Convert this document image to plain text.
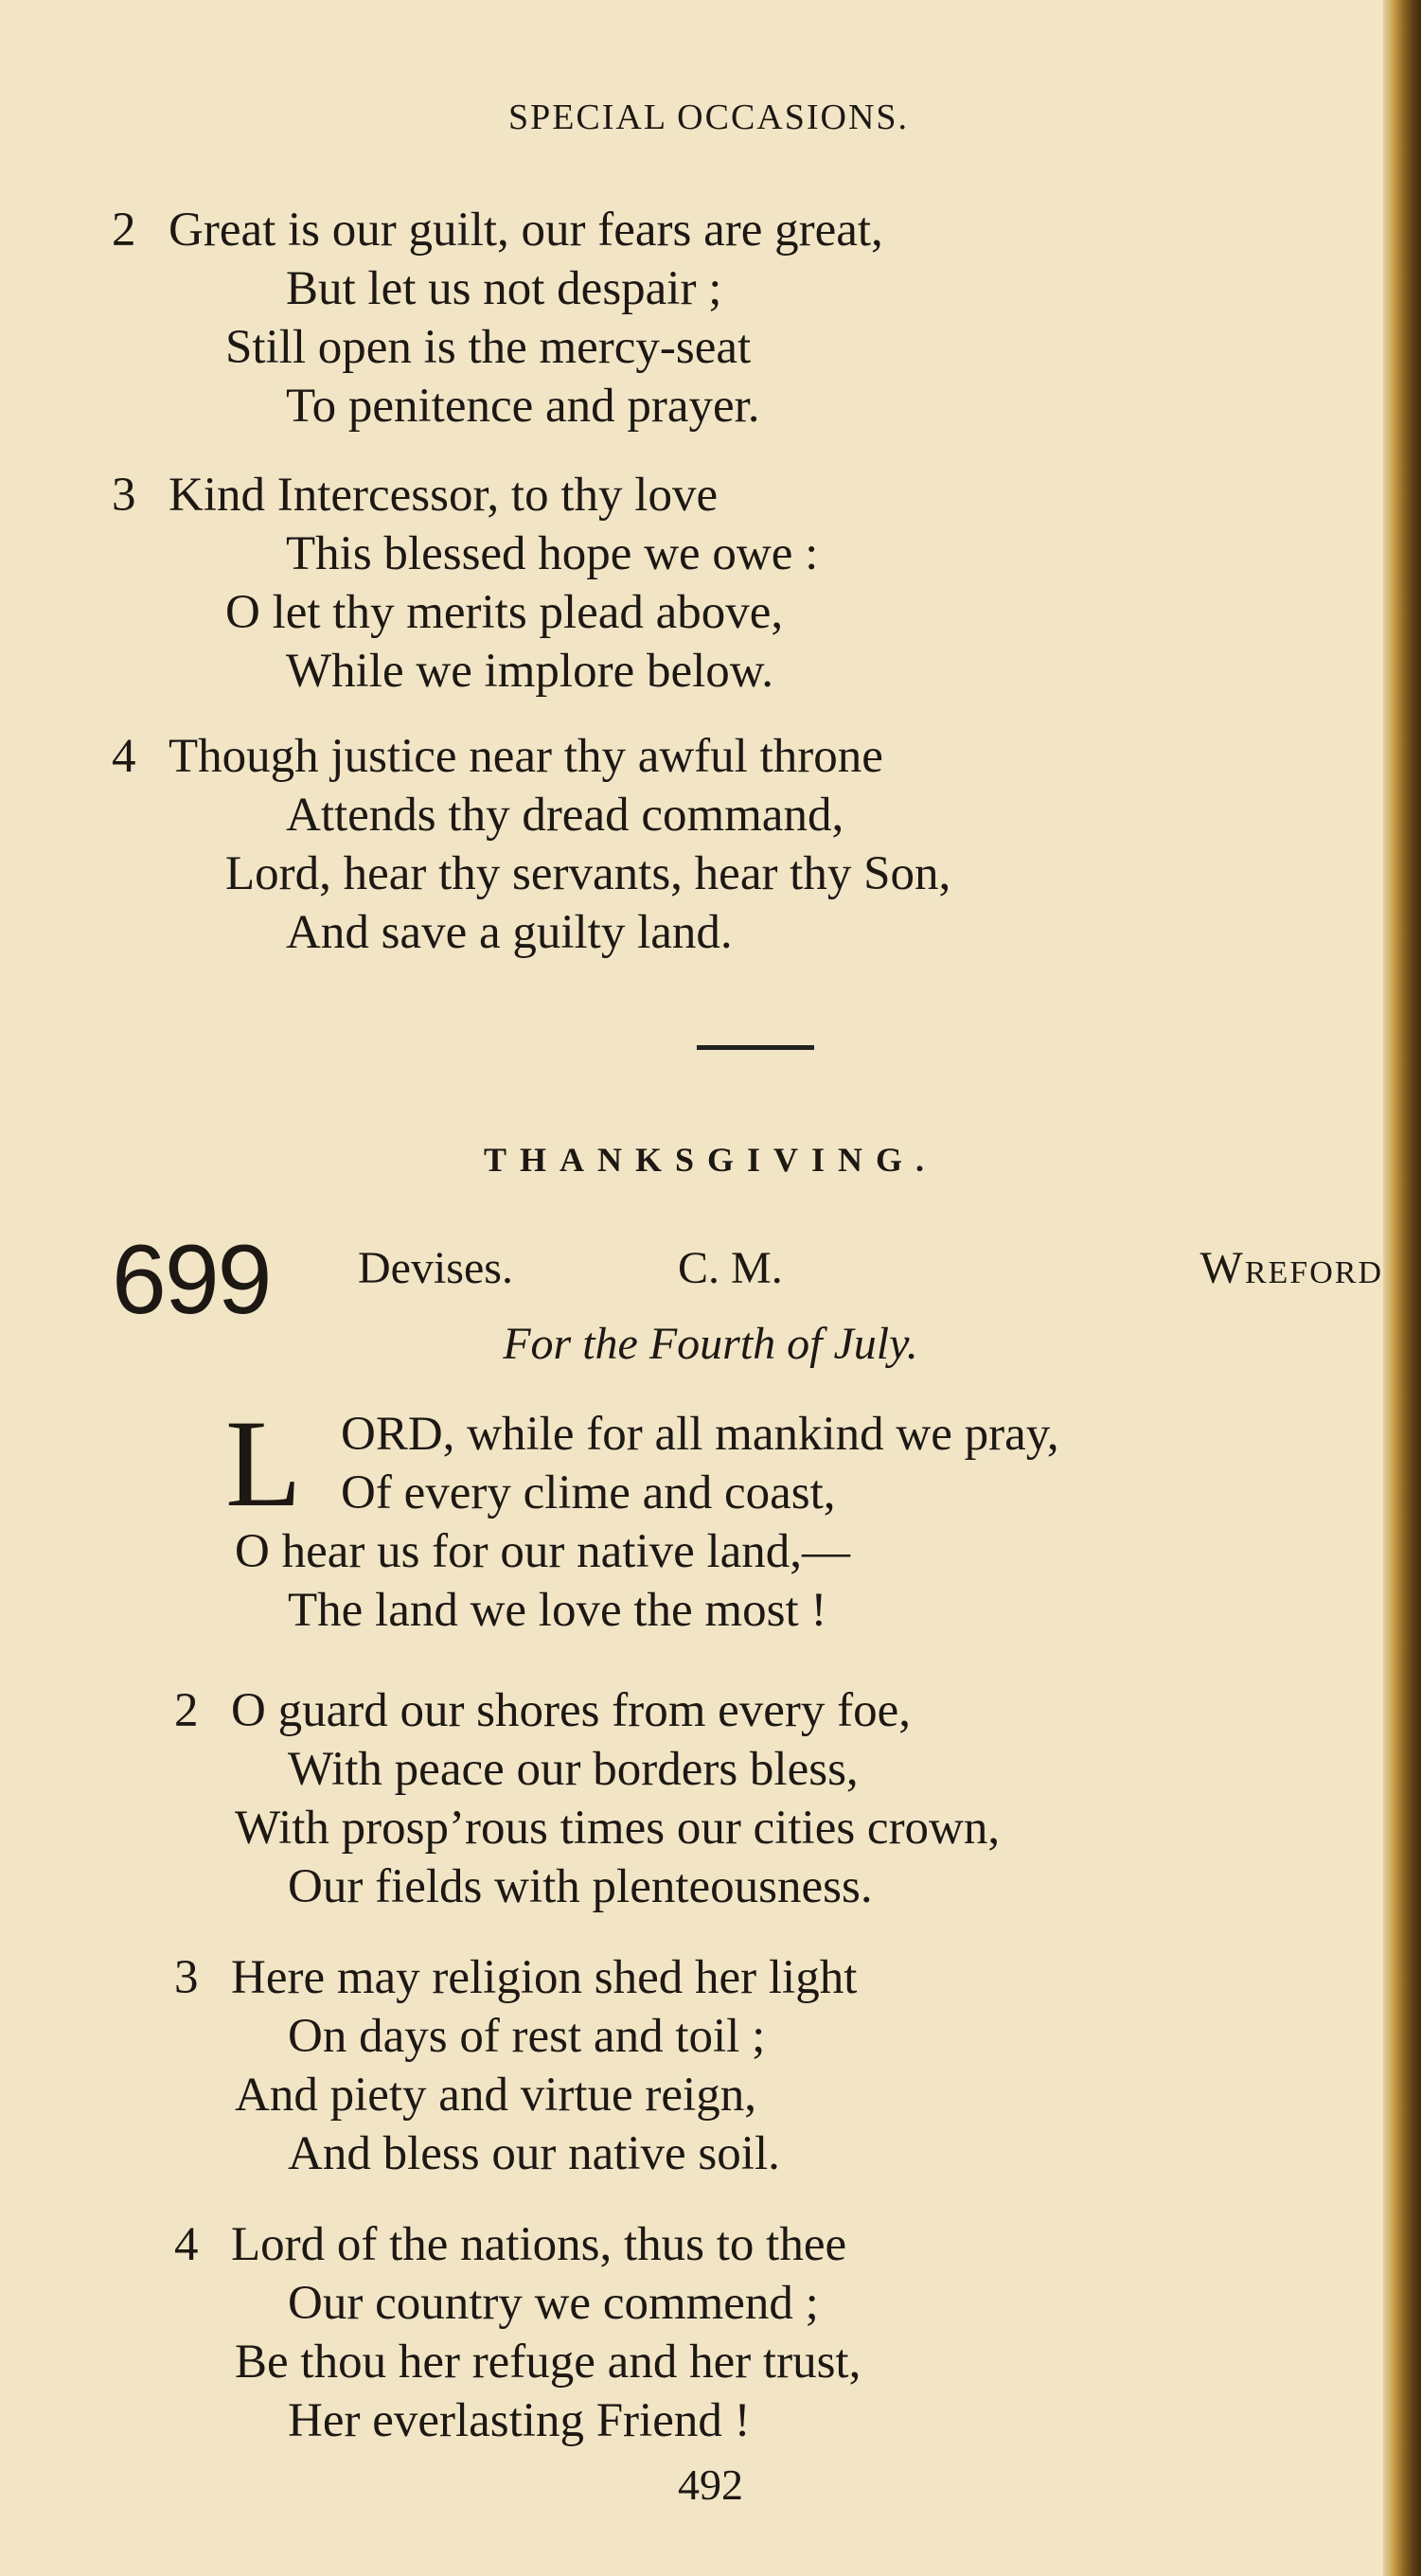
SPECIAL OCCASIONS.
2 Great is our guilt, our fears are great,
But let us not despair ;
Still open is the mercy-seat
To penitence and prayer.
3 Kind Intercessor, to thy love
This blessed hope we owe :
O let thy merits plead above,
While we implore below.
4 Though justice near thy awful throne
Attends thy dread command,
Lord, hear thy servants, hear thy Son,
And save a guilty land.
THANKSGIVING.
699 Devises.	C. M.	Wreford
For the Fourth of July.
L ORD, while for all mankind we pray,
Of every clime and coast,
O hear us for our native land,—
The land we love the most !
2 O guard our shores from every foe,
With peace our borders bless,
With prosp’rous times our cities crown,
Our fields with plenteousness.
3 Here may religion shed her light
On days of rest and toil ;
And piety and virtue reign,
And bless our native soil.
4 Lord of the nations, thus to thee
Our country we commend ;
Be thou her refuge and her trust,
Her everlasting Friend !
492
